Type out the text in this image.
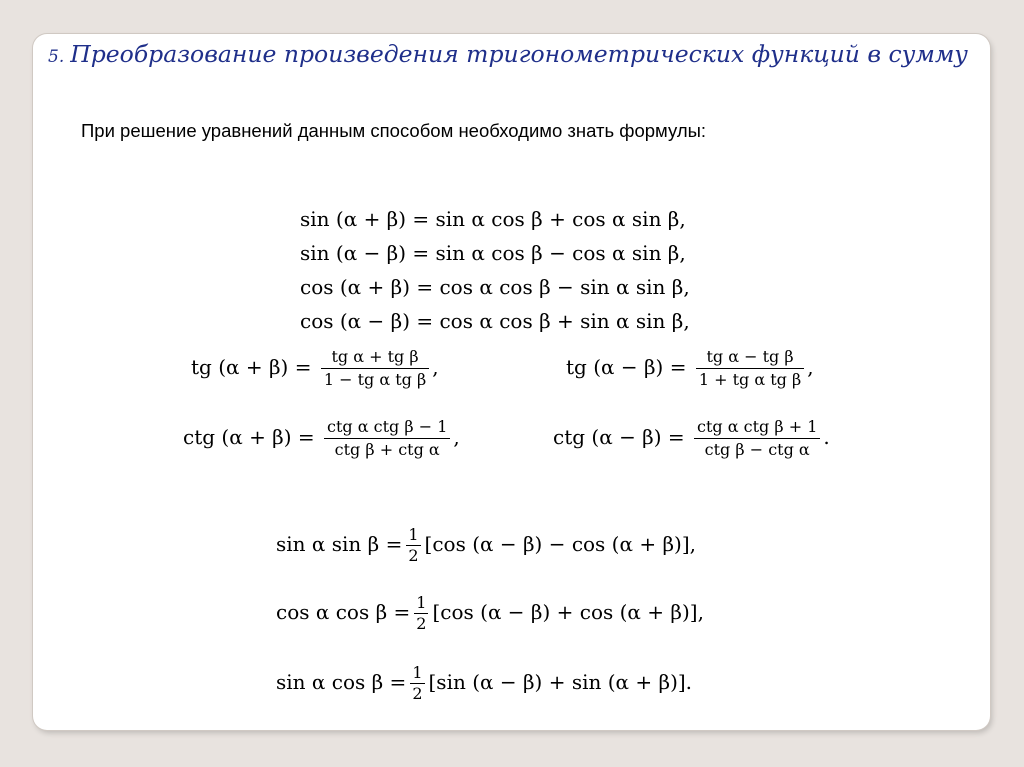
5. Преобразование произведения тригонометрических функций в сумму
При решение уравнений данным способом необходимо знать формулы:
sin (α + β) = sin α cos β + cos α sin β,
sin (α − β) = sin α cos β − cos α sin β,
cos (α + β) = cos α cos β − sin α sin β,
cos (α − β) = cos α cos β + sin α sin β,
tg $(\alpha + \beta) = \frac{\text{tg α + tg β}}{\text{1 − tg α tg β}}$ ,	tg $(\alpha - \beta) = \frac{\text{tg α − tg β}}{\text{1 + tg α tg β}}$ ,
ctg $(\alpha + \beta) = \frac{\text{ctg α ctg β − 1}}{\text{ctg β + ctg α}}$ ,	ctg $(\alpha - \beta) = \frac{\text{ctg α ctg β + 1}}{\text{ctg β − ctg α}}$ .
sin α $\sin \beta = \frac{1}{2} [\cos$ (α − β) − cos (α + β)],
cos α $\cos \beta = \frac{1}{2} [\cos$ (α − β) + cos (α + β)],
sin α $\cos \beta = \frac{1}{2} [\sin$ (α − β) + sin (α + β)].
